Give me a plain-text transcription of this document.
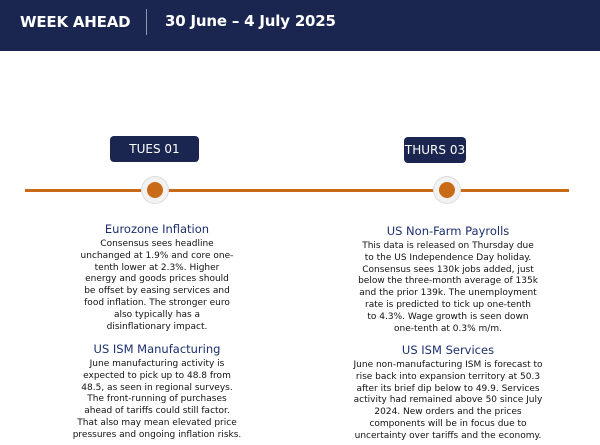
WEEK AHEAD 30 June – 4 July 2025
TUES 01	THURS 03

Eurozone Inflation

Consensus sees headline
unchanged at 1.9% and core one-
tenth lower at 2.3%. Higher
energy and goods prices should
be offset by easing services and
food inflation. The stronger euro
also typically has a
disinflationary impact.

US ISM Manufacturing

June manufacturing activity is
expected to pick up to 48.8 from
48.5, as seen in regional surveys.
The front-running of purchases
ahead of tariffs could still factor.
That also may mean elevated price
pressures and ongoing inflation risks.

US Non-Farm Payrolls

This data is released on Thursday due
to the US Independence Day holiday.
Consensus sees 130k jobs added, just
below the three-month average of 135k
and the prior 139k. The unemployment
rate is predicted to tick up one-tenth
to 4.3%. Wage growth is seen down
one-tenth at 0.3% m/m.

US ISM Services

June non-manufacturing ISM is forecast to
rise back into expansion territory at 50.3
after its brief dip below to 49.9. Services
activity had remained above 50 since July
2024. New orders and the prices
components will be in focus due to
uncertainty over tariffs and the economy.
